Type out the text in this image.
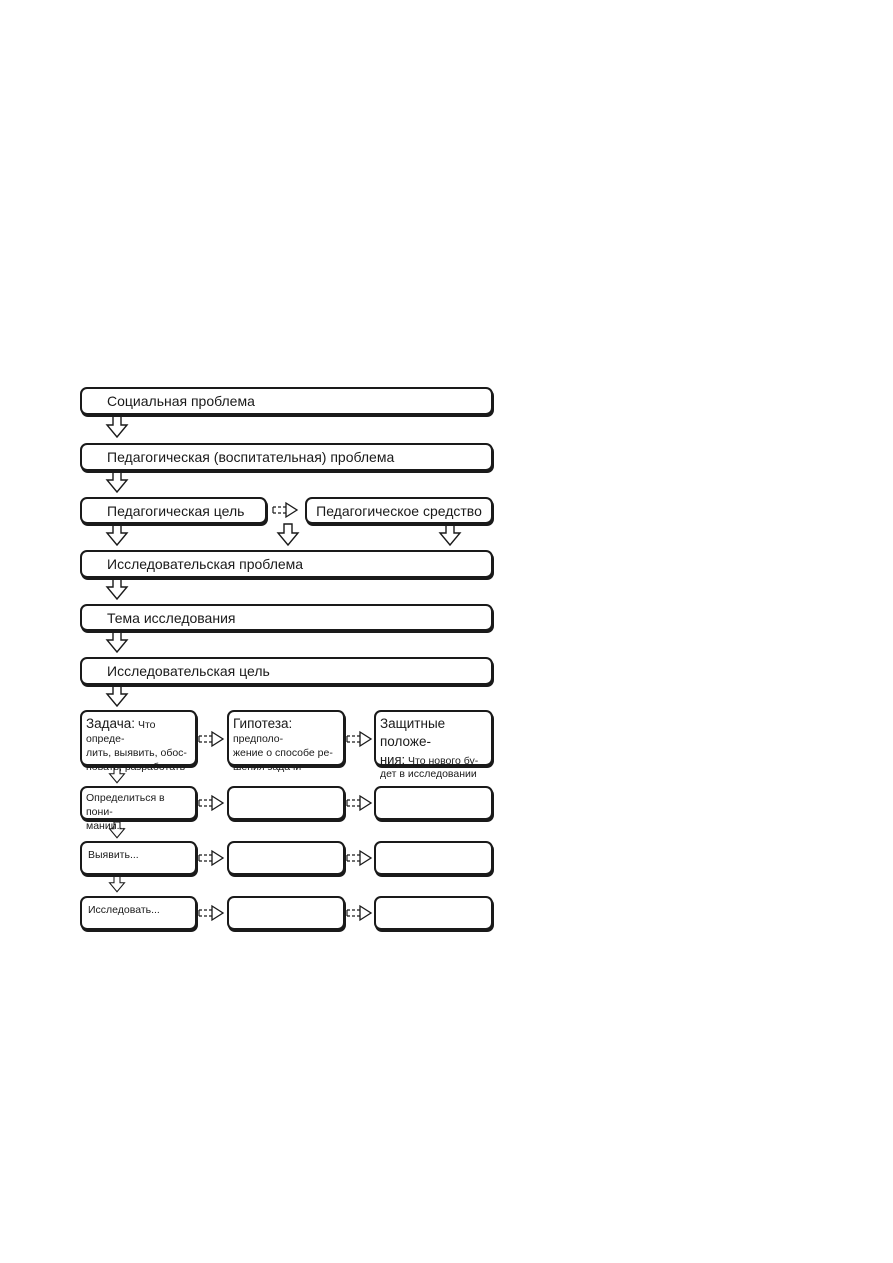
Социальная проблема
Педагогическая (воспитательная) проблема
Педагогическая цель	Педагогическое средство
Исследовательская проблема
Тема исследования
Исследовательская цель
Задача: Что опреде-
лить, выявить, обос-
новать, разработать
Гипотеза: предполо-
жение о способе ре-
шения задачи
Защитные положе-
ния: Что нового бу-
дет в исследовании
Определиться в пони-
мании...
Выявить...
Исследовать...
